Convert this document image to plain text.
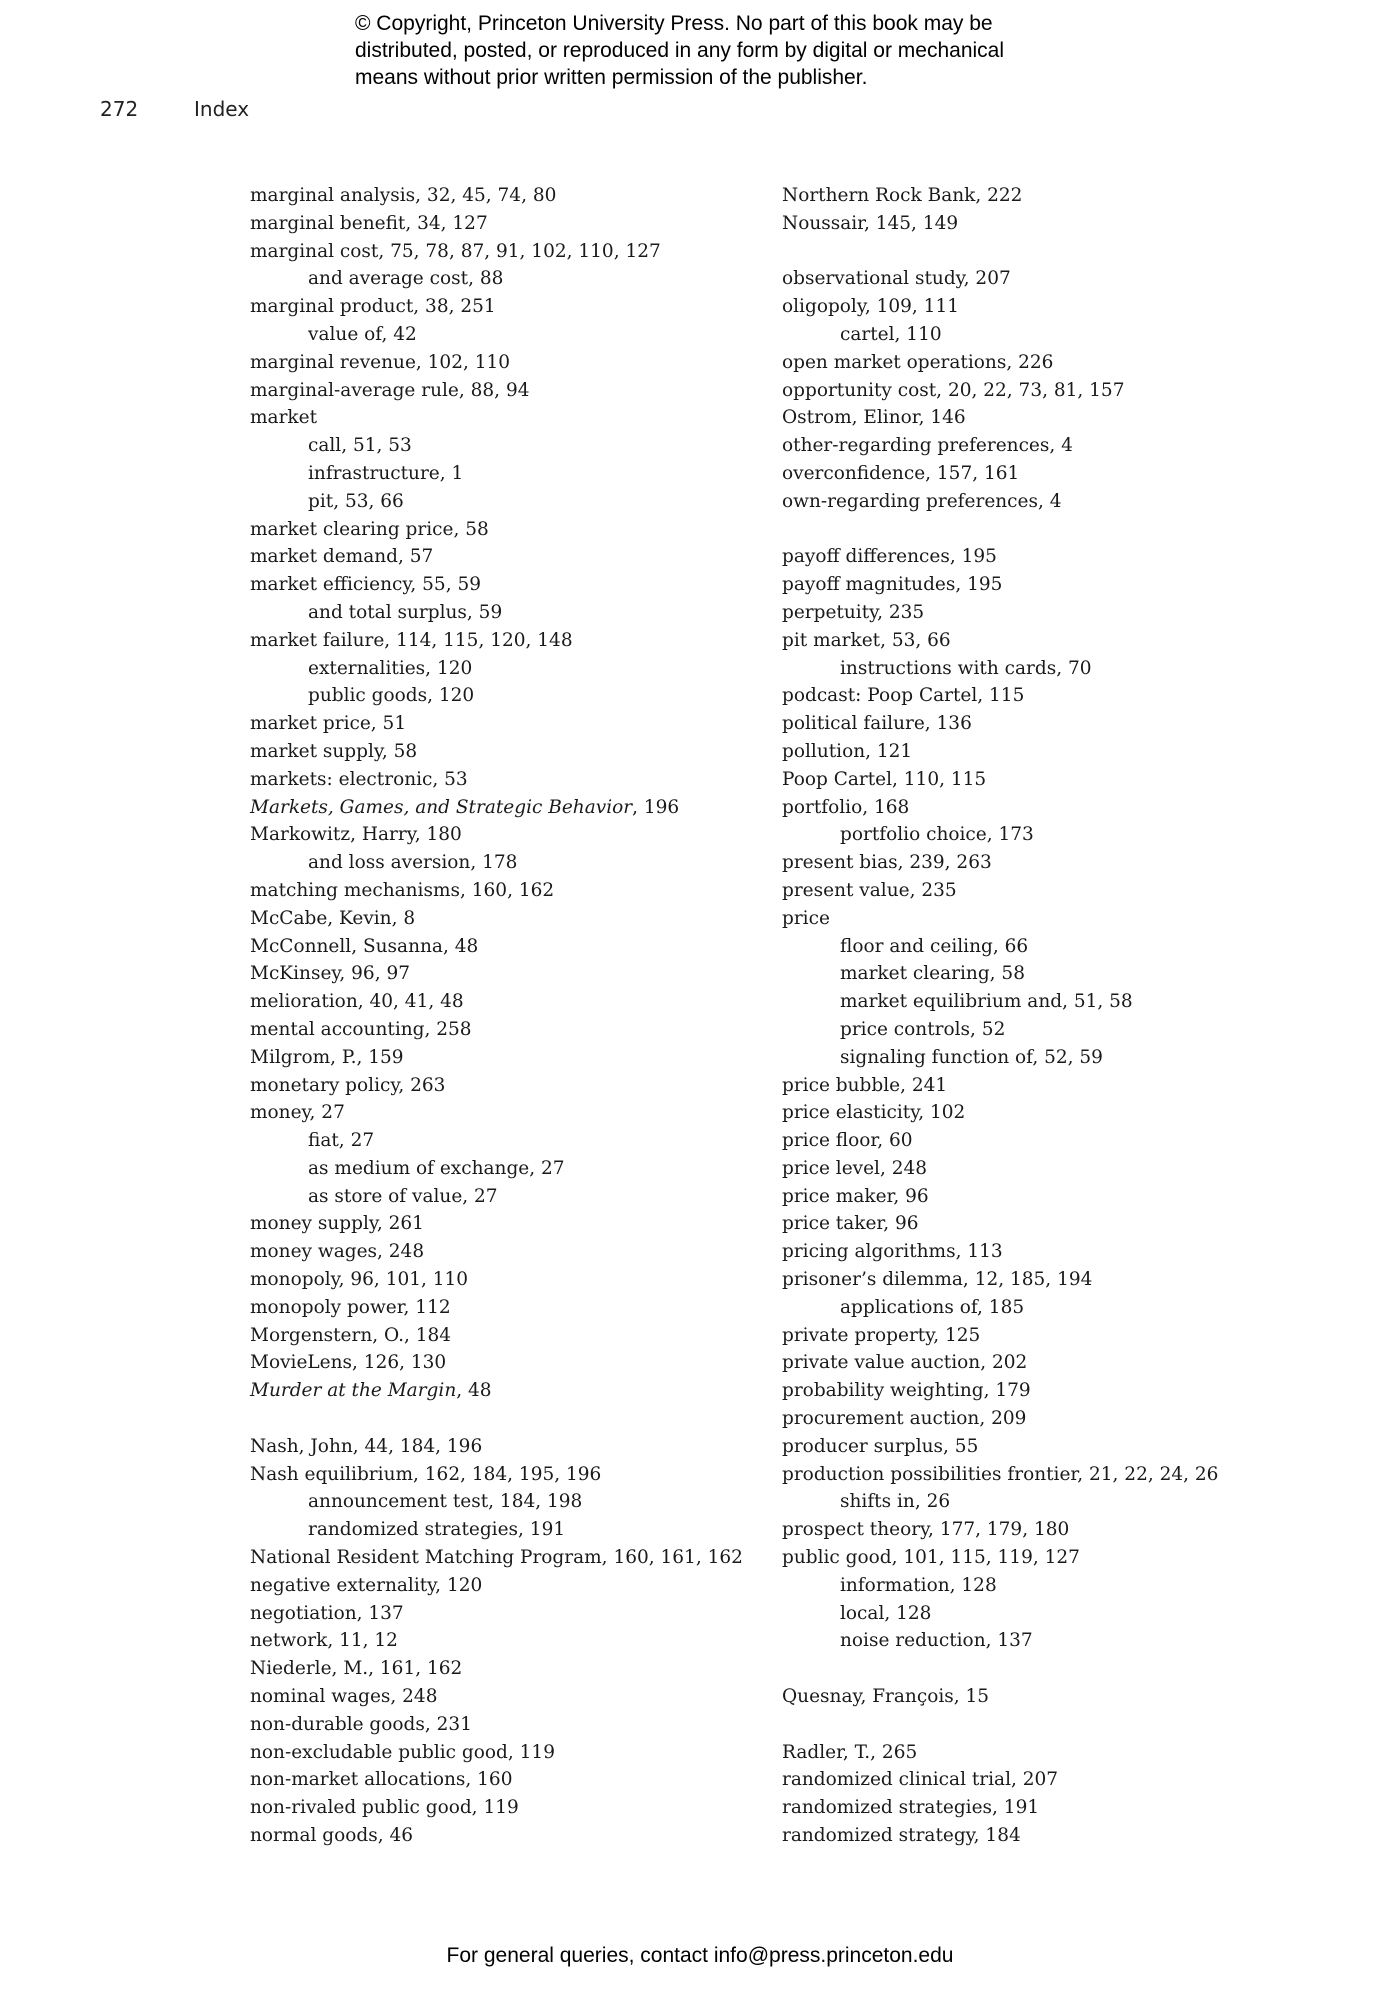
© Copyright, Princeton University Press. No part of this book may be
distributed, posted, or reproduced in any form by digital or mechanical
means without prior written permission of the publisher.
272	Index
marginal analysis, 32, 45, 74, 80
marginal benefit, 34, 127
marginal cost, 75, 78, 87, 91, 102, 110, 127
and average cost, 88
marginal product, 38, 251
value of, 42
marginal revenue, 102, 110
marginal-average rule, 88, 94
market
call, 51, 53
infrastructure, 1
pit, 53, 66
market clearing price, 58
market demand, 57
market efficiency, 55, 59
and total surplus, 59
market failure, 114, 115, 120, 148
externalities, 120
public goods, 120
market price, 51
market supply, 58
markets: electronic, 53
Markets, Games, and Strategic Behavior, 196
Markowitz, Harry, 180
and loss aversion, 178
matching mechanisms, 160, 162
McCabe, Kevin, 8
McConnell, Susanna, 48
McKinsey, 96, 97
melioration, 40, 41, 48
mental accounting, 258
Milgrom, P., 159
monetary policy, 263
money, 27
fiat, 27
as medium of exchange, 27
as store of value, 27
money supply, 261
money wages, 248
monopoly, 96, 101, 110
monopoly power, 112
Morgenstern, O., 184
MovieLens, 126, 130
Murder at the Margin, 48
Nash, John, 44, 184, 196
Nash equilibrium, 162, 184, 195, 196
announcement test, 184, 198
randomized strategies, 191
National Resident Matching Program, 160, 161, 162
negative externality, 120
negotiation, 137
network, 11, 12
Niederle, M., 161, 162
nominal wages, 248
non-durable goods, 231
non-excludable public good, 119
non-market allocations, 160
non-rivaled public good, 119
normal goods, 46
Northern Rock Bank, 222
Noussair, 145, 149
observational study, 207
oligopoly, 109, 111
cartel, 110
open market operations, 226
opportunity cost, 20, 22, 73, 81, 157
Ostrom, Elinor, 146
other-regarding preferences, 4
overconfidence, 157, 161
own-regarding preferences, 4
payoff differences, 195
payoff magnitudes, 195
perpetuity, 235
pit market, 53, 66
instructions with cards, 70
podcast: Poop Cartel, 115
political failure, 136
pollution, 121
Poop Cartel, 110, 115
portfolio, 168
portfolio choice, 173
present bias, 239, 263
present value, 235
price
floor and ceiling, 66
market clearing, 58
market equilibrium and, 51, 58
price controls, 52
signaling function of, 52, 59
price bubble, 241
price elasticity, 102
price floor, 60
price level, 248
price maker, 96
price taker, 96
pricing algorithms, 113
prisoner’s dilemma, 12, 185, 194
applications of, 185
private property, 125
private value auction, 202
probability weighting, 179
procurement auction, 209
producer surplus, 55
production possibilities frontier, 21, 22, 24, 26
shifts in, 26
prospect theory, 177, 179, 180
public good, 101, 115, 119, 127
information, 128
local, 128
noise reduction, 137
Quesnay, François, 15
Radler, T., 265
randomized clinical trial, 207
randomized strategies, 191
randomized strategy, 184
For general queries, contact info@press.princeton.edu
